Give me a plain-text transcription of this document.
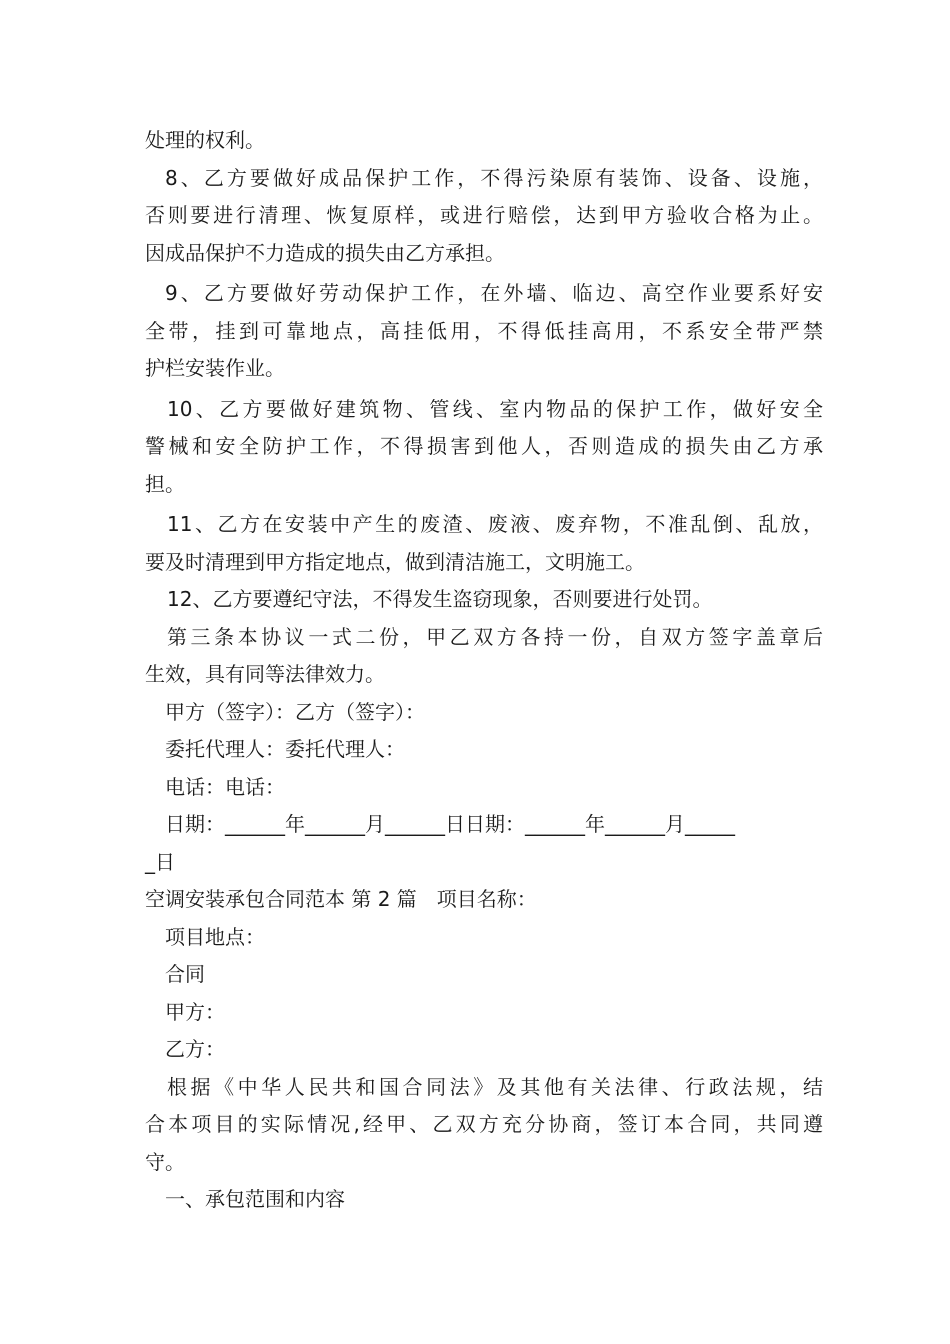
处理的权利。
8、乙方要做好成品保护工作，不得污染原有装饰、设备、设施，
否则要进行清理、恢复原样，或进行赔偿，达到甲方验收合格为止。
因成品保护不力造成的损失由乙方承担。
9、乙方要做好劳动保护工作，在外墙、临边、高空作业要系好安
全带，挂到可靠地点，高挂低用，不得低挂高用，不系安全带严禁
护栏安装作业。
10、乙方要做好建筑物、管线、室内物品的保护工作，做好安全
警械和安全防护工作，不得损害到他人，否则造成的损失由乙方承
担。
11、乙方在安装中产生的废渣、废液、废弃物，不准乱倒、乱放，
要及时清理到甲方指定地点，做到清洁施工，文明施工。
12、乙方要遵纪守法，不得发生盗窃现象，否则要进行处罚。
第三条本协议一式二份，甲乙双方各持一份，自双方签字盖章后
生效，具有同等法律效力。
甲方（签字）：乙方（签字）：
委托代理人：委托代理人：
电话：电话：
日期：______年______月______日日期：______年______月_____
_日
空调安装承包合同范本 第 2 篇　项目名称：
项目地点：
合同
甲方：
乙方：
根据《中华人民共和国合同法》及其他有关法律、行政法规，结
合本项目的实际情况,经甲、乙双方充分协商，签订本合同，共同遵
守。
一、承包范围和内容
